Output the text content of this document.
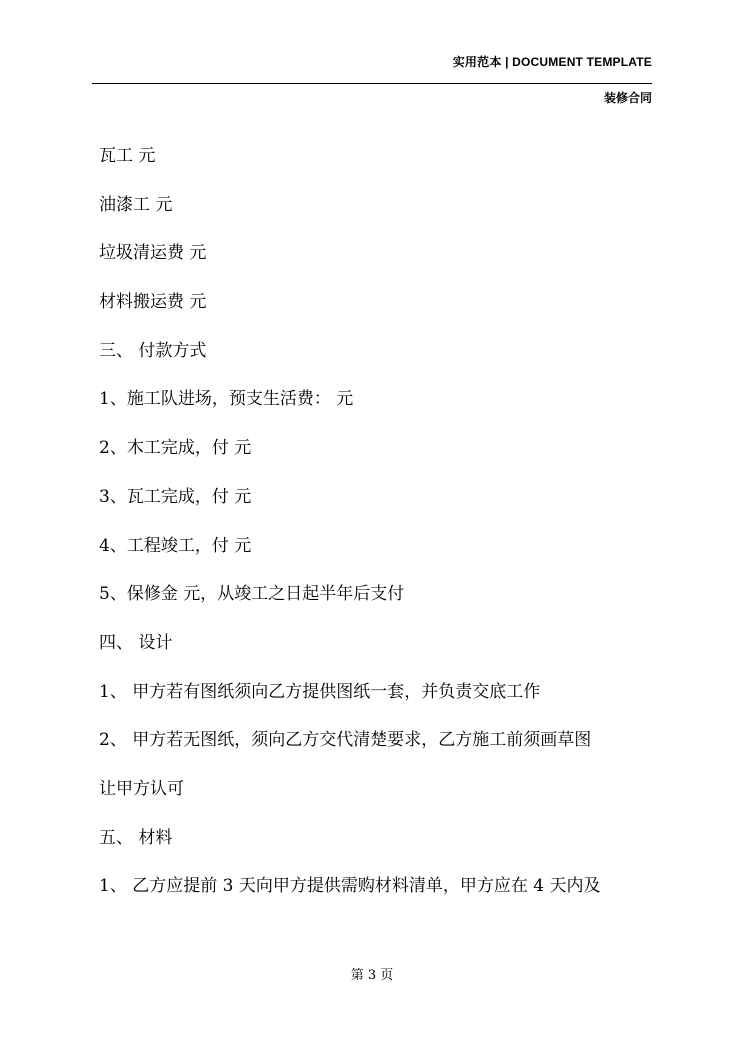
实用范本 | DOCUMENT TEMPLATE
装修合同
瓦工 元
油漆工 元
垃圾清运费 元
材料搬运费 元
三、 付款方式
1、施工队进场，预支生活费： 元
2、木工完成，付 元
3、瓦工完成，付 元
4、工程竣工，付 元
5、保修金 元，从竣工之日起半年后支付
四、 设计
1、 甲方若有图纸须向乙方提供图纸一套，并负责交底工作
2、 甲方若无图纸，须向乙方交代清楚要求，乙方施工前须画草图
让甲方认可
五、 材料
1、 乙方应提前 3 天向甲方提供需购材料清单，甲方应在 4 天内及
第 3 页
